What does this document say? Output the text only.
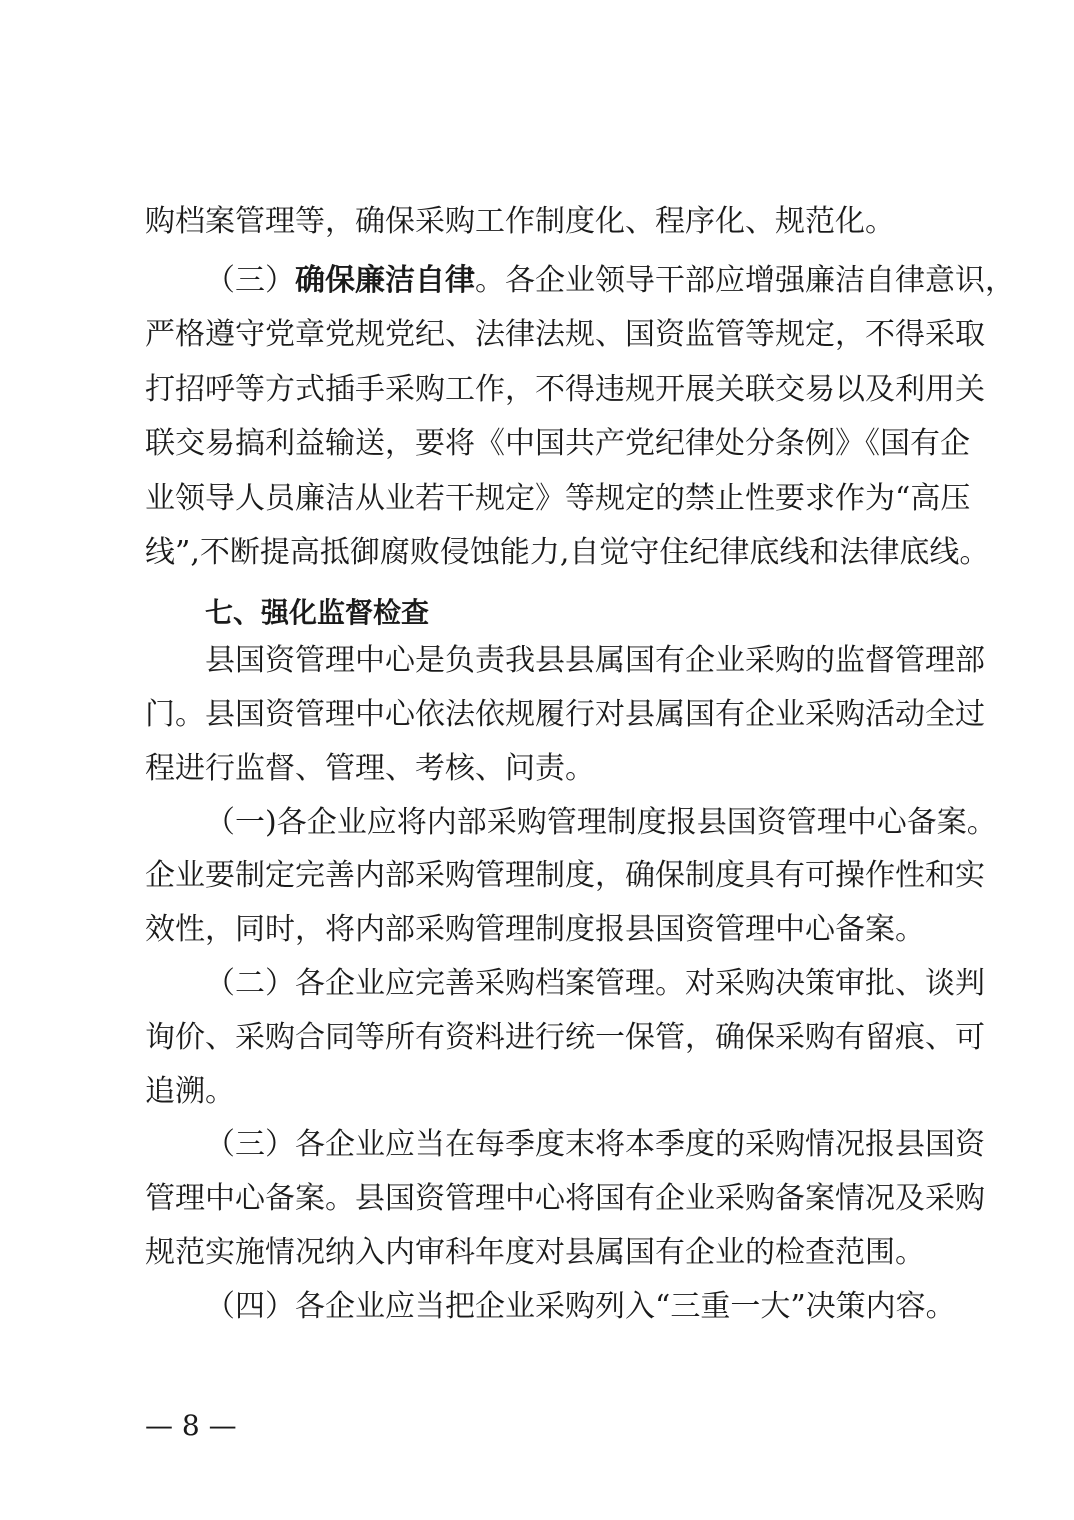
购档案管理等，确保采购工作制度化、程序化、规范化。
（三）确保廉洁自律。各企业领导干部应增强廉洁自律意识，
严格遵守党章党规党纪、法律法规、国资监管等规定，不得采取
打招呼等方式插手采购工作，不得违规开展关联交易以及利用关
联交易搞利益输送，要将《中国共产党纪律处分条例》《国有企
业领导人员廉洁从业若干规定》等规定的禁止性要求作为“高压
线”,不断提高抵御腐败侵蚀能力,自觉守住纪律底线和法律底线。
七、强化监督检查
县国资管理中心是负责我县县属国有企业采购的监督管理部
门。县国资管理中心依法依规履行对县属国有企业采购活动全过
程进行监督、管理、考核、问责。
（一)各企业应将内部采购管理制度报县国资管理中心备案。
企业要制定完善内部采购管理制度，确保制度具有可操作性和实
效性，同时，将内部采购管理制度报县国资管理中心备案。
（二）各企业应完善采购档案管理。对采购决策审批、谈判
询价、采购合同等所有资料进行统一保管，确保采购有留痕、可
追溯。
（三）各企业应当在每季度末将本季度的采购情况报县国资
管理中心备案。县国资管理中心将国有企业采购备案情况及采购
规范实施情况纳入内审科年度对县属国有企业的检查范围。
（四）各企业应当把企业采购列入“三重一大”决策内容。
— 8 —
